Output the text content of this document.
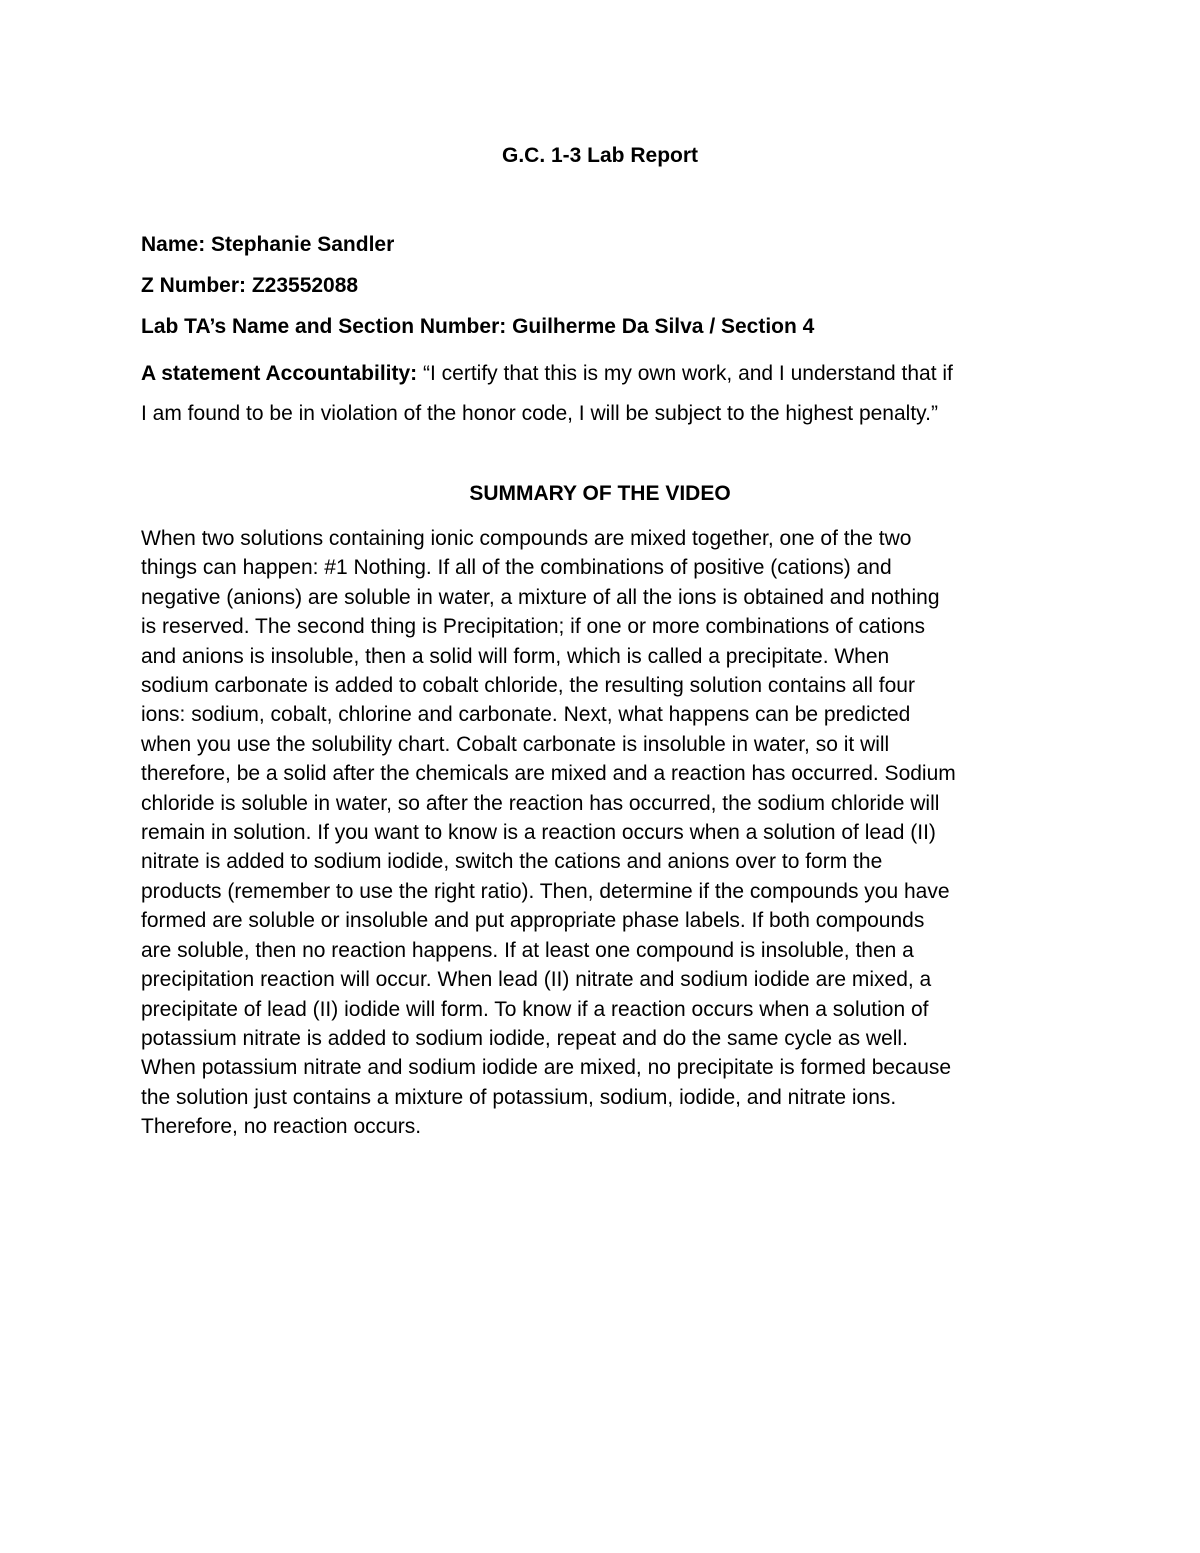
G.C. 1-3 Lab Report

Name: Stephanie Sandler

Z Number: Z23552088

Lab TA’s Name and Section Number: Guilherme Da Silva / Section 4

A statement Accountability: “I certify that this is my own work, and I understand that if
I am found to be in violation of the honor code, I will be subject to the highest penalty.”
SUMMARY OF THE VIDEO
When two solutions containing ionic compounds are mixed together, one of the two
things can happen: #1 Nothing. If all of the combinations of positive (cations) and
negative (anions) are soluble in water, a mixture of all the ions is obtained and nothing
is reserved. The second thing is Precipitation; if one or more combinations of cations
and anions is insoluble, then a solid will form, which is called a precipitate. When
sodium carbonate is added to cobalt chloride, the resulting solution contains all four
ions: sodium, cobalt, chlorine and carbonate. Next, what happens can be predicted
when you use the solubility chart. Cobalt carbonate is insoluble in water, so it will
therefore, be a solid after the chemicals are mixed and a reaction has occurred. Sodium
chloride is soluble in water, so after the reaction has occurred, the sodium chloride will
remain in solution. If you want to know is a reaction occurs when a solution of lead (II)
nitrate is added to sodium iodide, switch the cations and anions over to form the
products (remember to use the right ratio). Then, determine if the compounds you have
formed are soluble or insoluble and put appropriate phase labels. If both compounds
are soluble, then no reaction happens. If at least one compound is insoluble, then a
precipitation reaction will occur. When lead (II) nitrate and sodium iodide are mixed, a
precipitate of lead (II) iodide will form. To know if a reaction occurs when a solution of
potassium nitrate is added to sodium iodide, repeat and do the same cycle as well.
When potassium nitrate and sodium iodide are mixed, no precipitate is formed because
the solution just contains a mixture of potassium, sodium, iodide, and nitrate ions.
Therefore, no reaction occurs.
